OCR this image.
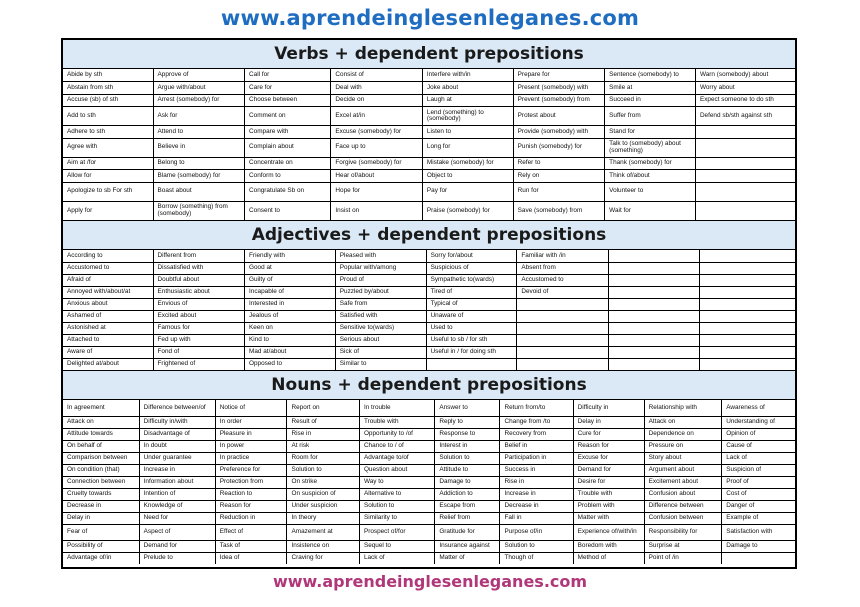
www.aprendeinglesenleganes.com
Verbs + dependent prepositions
Abide by sth	Approve of	Call for	Consist of	Interfere with/in	Prepare for	Sentence (somebody) to	Warn (somebody) about
Abstain from sth	Argue with/about	Care for	Deal with	Joke about	Present (somebody) with	Smile at	Worry about
Accuse (sb) of sth	Arrest (somebody) for	Choose between	Decide on	Laugh at	Prevent (somebody) from	Succeed in	Expect someone to do sth
Add to sth	Ask for	Comment on	Excel at/in	Lend (something) to (somebody)	Protest about	Suffer from	Defend sb/sth against sth
Adhere to sth	Attend to	Compare with	Excuse (somebody) for	Listen to	Provide (somebody) with	Stand for	
Agree with	Believe in	Complain about	Face up to	Long for	Punish (somebody) for	Talk to (somebody) about (something)	
Aim at /for	Belong to	Concentrate on	Forgive (somebody) for	Mistake (somebody) for	Refer to	Thank (somebody) for	
Allow for	Blame (somebody) for	Conform to	Hear of/about	Object to	Rely on	Think of/about	
Apologize to sb For sth	Boast about	Congratulate Sb on	Hope for	Pay for	Run for	Volunteer to	
Apply for	Borrow (something) from (somebody)	Consent to	Insist on	Praise (somebody) for	Save (somebody) from	Wait for	
Adjectives + dependent prepositions
According to	Different from	Friendly with	Pleased with	Sorry for/about	Familiar with /in		
Accustomed to	Dissatisfied with	Good at	Popular with/among	Suspicious of	Absent from		
Afraid of	Doubtful about	Guilty of	Proud of	Sympathetic to(wards)	Accustomed to		
Annoyed with/about/at	Enthusiastic about	Incapable of	Puzzled by/about	Tired of	Devoid of		
Anxious about	Envious of	Interested in	Safe from	Typical of			
Ashamed of	Excited about	Jealous of	Satisfied with	Unaware of			
Astonished at	Famous for	Keen on	Sensitive to(wards)	Used to			
Attached to	Fed up with	Kind to	Serious about	Useful to sb / for sth			
Aware of	Fond of	Mad at/about	Sick of	Useful in / for doing sth			
Delighted at/about	Frightened of	Opposed to	Similar to				
Nouns + dependent prepositions
In agreement	Difference between/of	Notice of	Report on	In trouble	Answer to	Return from/to	Difficulty in	Relationship with	Awareness of
Attack on	Difficulty in/with	In order	Result of	Trouble with	Reply to	Change from /to	Delay in	Attack on	Understanding of
Attitude towards	Disadvantage of	Pleasure in	Rise in	Opportunity to /of	Response to	Recovery from	Cure for	Dependence on	Opinion of
On behalf of	In doubt	In power	At risk	Chance to / of	Interest in	Belief in	Reason for	Pressure on	Cause of
Comparison between	Under guarantee	In practice	Room for	Advantage to/of	Solution to	Participation in	Excuse for	Story about	Lack of
On condition (that)	Increase in	Preference for	Solution to	Question about	Attitude to	Success in	Demand for	Argument about	Suspicion of
Connection between	Information about	Protection from	On strike	Way to	Damage to	Rise in	Desire for	Excitement about	Proof of
Cruelty towards	Intention of	Reaction to	On suspicion of	Alternative to	Addiction to	Increase in	Trouble with	Confusion about	Cost of
Decrease in	Knowledge of	Reason for	Under suspicion	Solution to	Escape from	Decrease in	Problem with	Difference between	Danger of
Delay in	Need for	Reduction in	In theory	Similarity to	Relief from	Fall in	Matter with	Confusion between	Example of
Fear of	Aspect of	Effect of	Amazement at	Prospect of/for	Gratitude for	Purpose of/in	Experience of/with/in	Responsibility for	Satisfaction with
Possibility of	Demand for	Task of	Insistence on	Sequel to	Insurance against	Solution to	Boredom with	Surprise at	Damage to
Advantage of/in	Prelude to	Idea of	Craving for	Lack of	Matter of	Though of	Method of	Point of /in	
www.aprendeinglesenleganes.com
